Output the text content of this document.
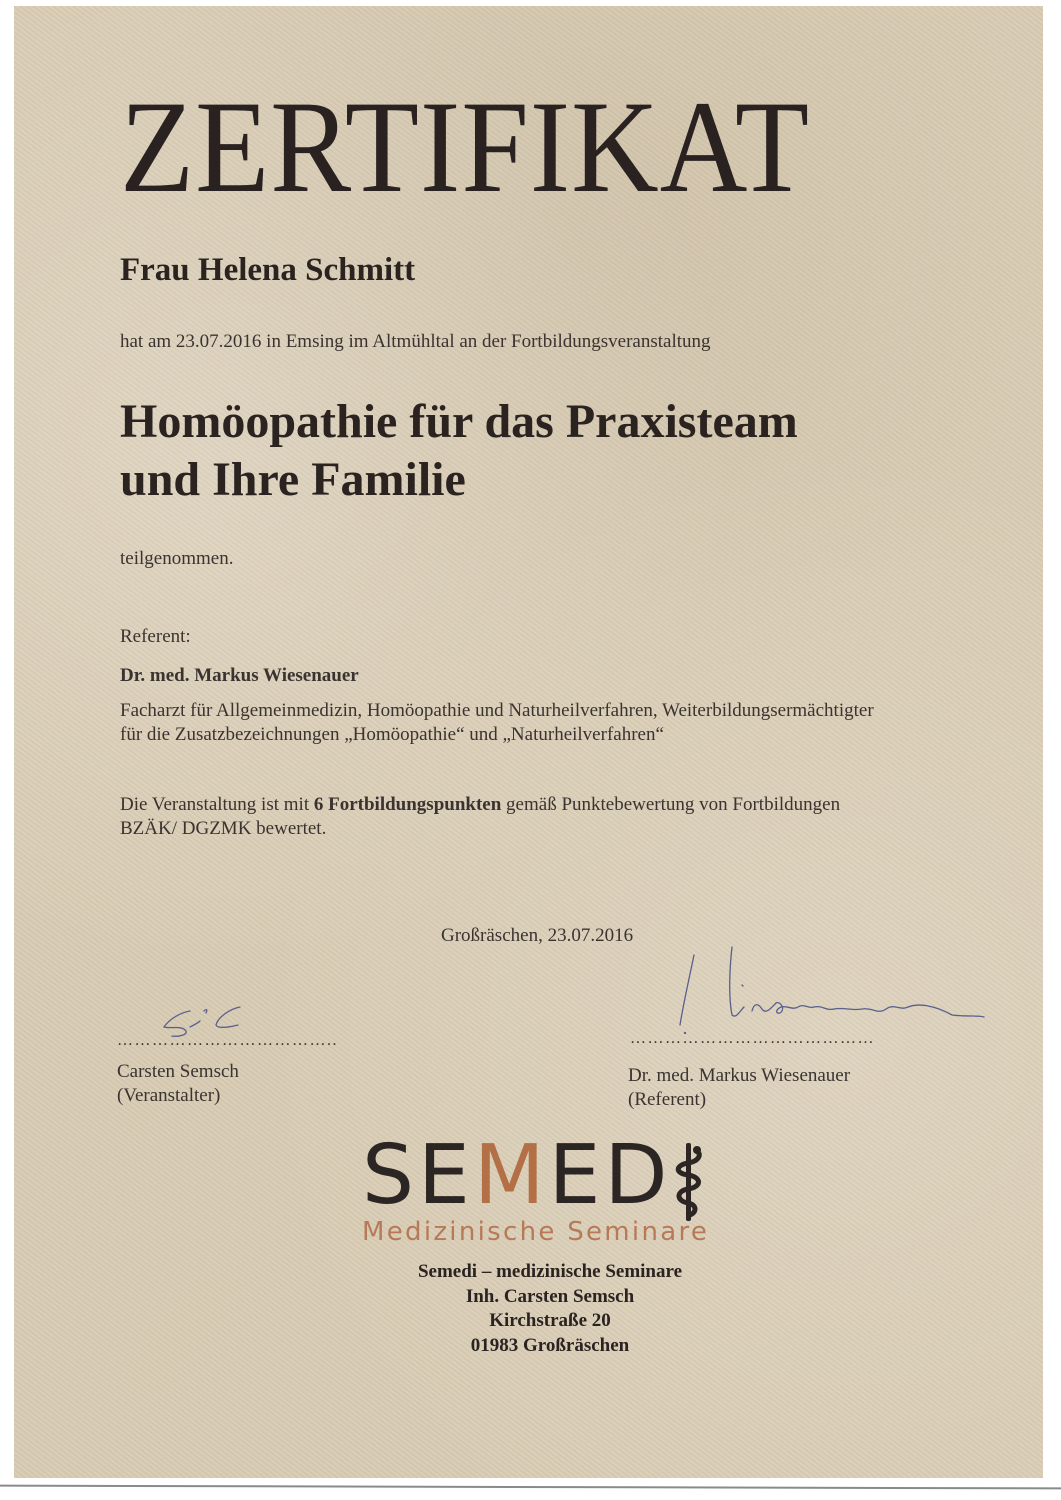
ZERTIFIKAT
Frau Helena Schmitt
hat am 23.07.2016 in Emsing im Altmühltal an der Fortbildungsveranstaltung
Homöopathie für das Praxisteam
und Ihre Familie
teilgenommen.
Referent:
Dr. med. Markus Wiesenauer
Facharzt für Allgemeinmedizin, Homöopathie und Naturheilverfahren, Weiterbildungsermächtigter
für die Zusatzbezeichnungen „Homöopathie“ und „Naturheilverfahren“
Die Veranstaltung ist mit 6 Fortbildungspunkten gemäß Punktebewertung von Fortbildungen
BZÄK/ DGZMK bewertet.
Großräschen, 23.07.2016
………………………………..
Carsten Semsch
(Veranstalter)
……………………………………
Dr. med. Markus Wiesenauer
(Referent)
SEMED
Medizinische Seminare
Semedi – medizinische Seminare
Inh. Carsten Semsch
Kirchstraße 20
01983 Großräschen
